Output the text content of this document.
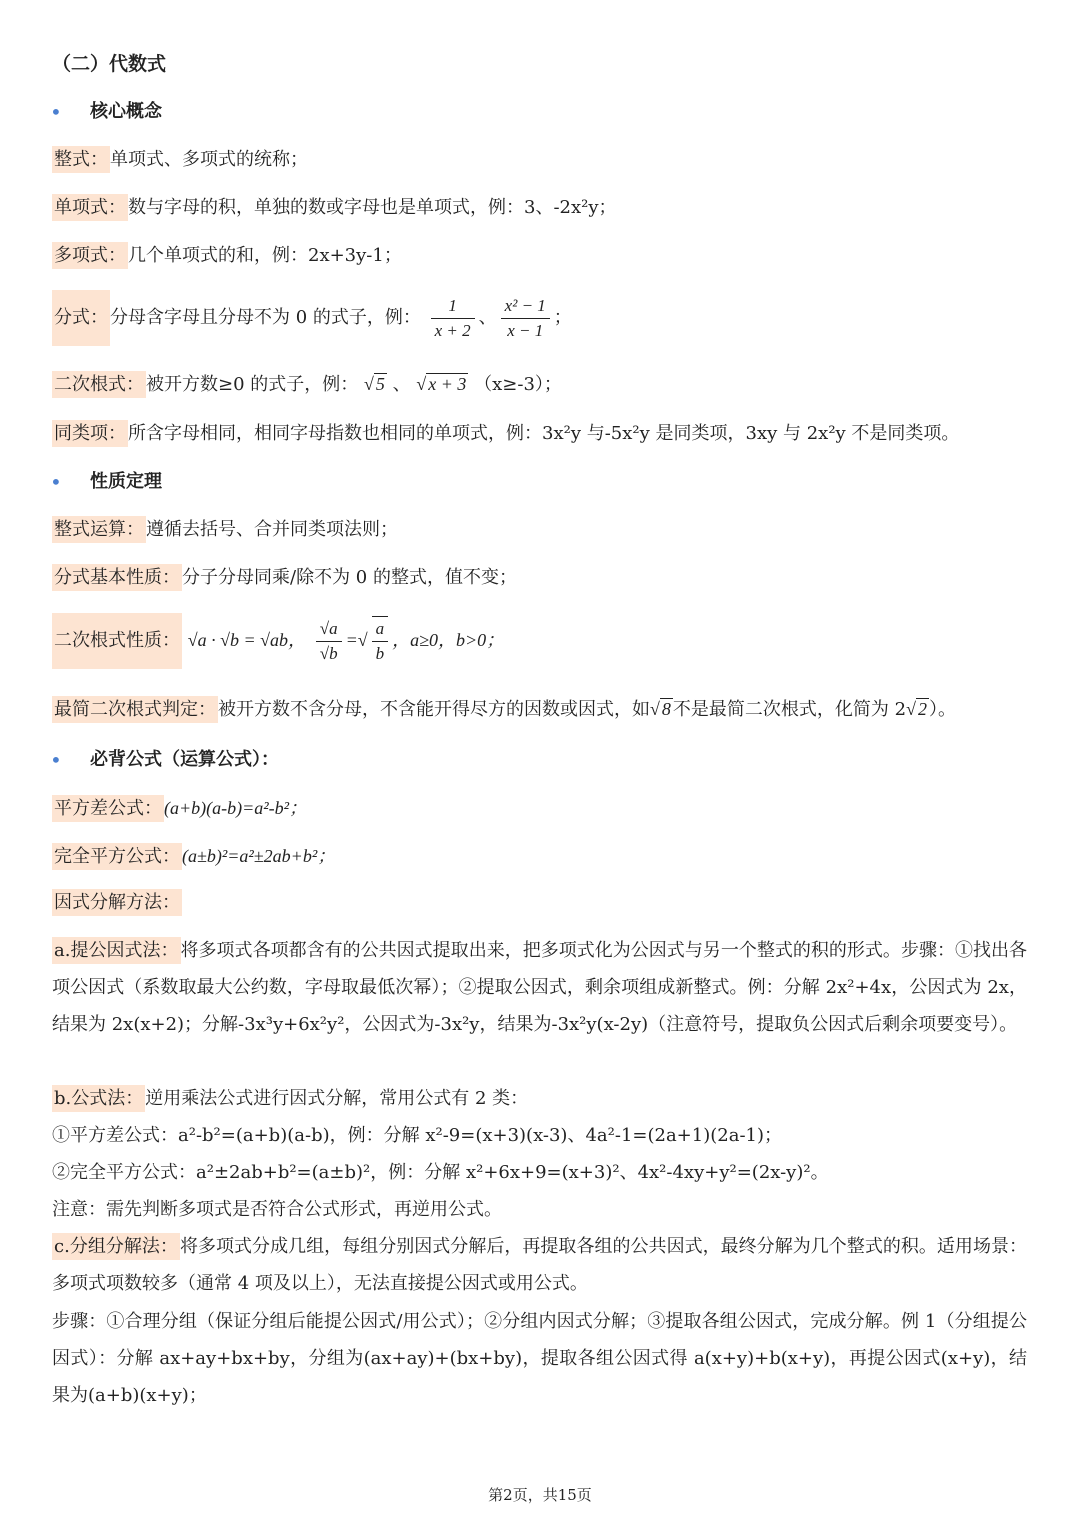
（二）代数式
• 核心概念
整式： 单项式、多项式的统称；
单项式： 数与字母的积，单独的数或字母也是单项式，例：3、-2x²y；
多项式： 几个单项式的和，例：2x+3y-1；
分式： 分母含字母且分母不为 0 的式子，例： $\frac{1}{x + 2}$ 、 $\frac{\text{x² − 1}}{x - 1}$ ；
二次根式： 被开方数≥0 的式子，例： √ 5 、 √ x + 3 （x≥-3）；
同类项： 所含字母相同，相同字母指数也相同的单项式，例：3x²y 与-5x²y 是同类项，3xy 与 2x²y 不是同类项。
• 性质定理
整式运算： 遵循去括号、合并同类项法则；
分式基本性质： 分子分母同乘/除不为 0 的整式，值不变；
二次根式性质： √a · √b = √ab， $\frac{√a}{√b}$ =√ $\frac{a}{b}$ ，a≥0，b>0；
最简二次根式判定： 被开方数不含分母，不含能开得尽方的因数或因式，如√ 8 不是最简二次根式，化简为 2√ 2 ）。
• 必背公式（运算公式）：
平方差公式： (a+b)(a-b)=a²-b²；
完全平方公式： (a±b)²=a²±2ab+b²；
因式分解方法：
a.提公因式法： 将多项式各项都含有的公共因式提取出来，把多项式化为公因式与另一个整式的积的形式。步骤：①找出各项公因式（系数取最大公约数，字母取最低次幂）；②提取公因式，剩余项组成新整式。例：分解 2x²+4x，公因式为 2x，结果为 2x(x+2)；分解-3x³y+6x²y²，公因式为-3x²y，结果为-3x²y(x-2y)（注意符号，提取负公因式后剩余项要变号）。
b.公式法： 逆用乘法公式进行因式分解，常用公式有 2 类：
①平方差公式：a²-b²=(a+b)(a-b)，例：分解 x²-9=(x+3)(x-3)、4a²-1=(2a+1)(2a-1)；
②完全平方公式：a²±2ab+b²=(a±b)²，例：分解 x²+6x+9=(x+3)²、4x²-4xy+y²=(2x-y)²。
注意：需先判断多项式是否符合公式形式，再逆用公式。
c.分组分解法： 将多项式分成几组，每组分别因式分解后，再提取各组的公共因式，最终分解为几个整式的积。适用场景：多项式项数较多（通常 4 项及以上），无法直接提公因式或用公式。
步骤：①合理分组（保证分组后能提公因式/用公式）；②分组内因式分解；③提取各组公因式，完成分解。例 1（分组提公因式）：分解 ax+ay+bx+by，分组为(ax+ay)+(bx+by)，提取各组公因式得 a(x+y)+b(x+y)，再提公因式(x+y)，结果为(a+b)(x+y)；
第2页，共15页
